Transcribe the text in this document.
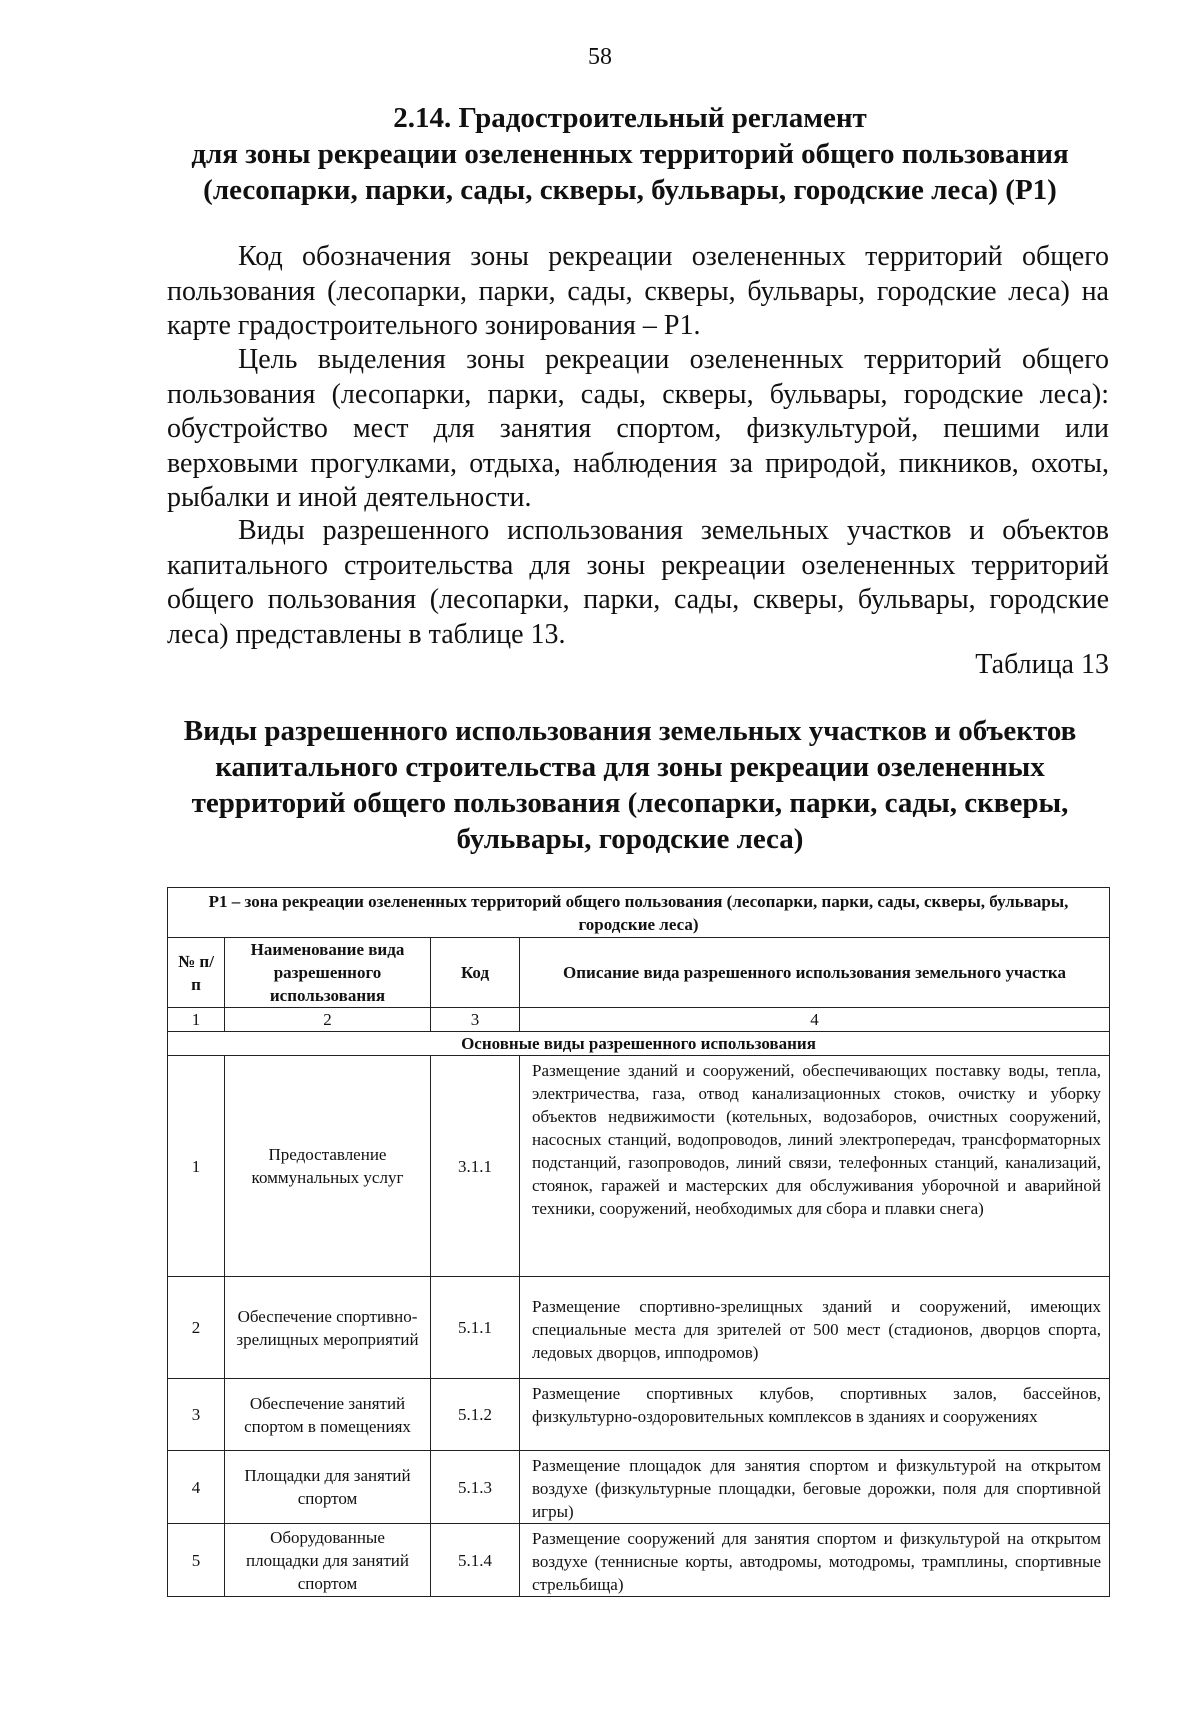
58
2.14. Градостроительный регламент
для зоны рекреации озелененных территорий общего пользования
(лесопарки, парки, сады, скверы, бульвары, городские леса) (Р1)

Код обозначения зоны рекреации озелененных территорий общего пользования (лесопарки, парки, сады, скверы, бульвары, городские леса) на карте градостроительного зонирования – Р1.

Цель выделения зоны рекреации озелененных территорий общего пользования (лесопарки, парки, сады, скверы, бульвары, городские леса): обустройство мест для занятия спортом, физкультурой, пешими или верховыми прогулками, отдыха, наблюдения за природой, пикников, охоты, рыбалки и иной деятельности.

Виды разрешенного использования земельных участков и объектов капитального строительства для зоны рекреации озелененных территорий общего пользования (лесопарки, парки, сады, скверы, бульвары, городские леса) представлены в таблице 13.

Таблица 13
Виды разрешенного использования земельных участков и объектов
капитального строительства для зоны рекреации озелененных
территорий общего пользования (лесопарки, парки, сады, скверы,
бульвары, городские леса)
Р1 – зона рекреации озелененных территорий общего пользования (лесопарки, парки, сады, скверы, бульвары, городские леса)			
№ п/п	Наименование вида разрешенного использования	Код	Описание вида разрешенного использования земельного участка
1	2	3	4
Основные виды разрешенного использования			
1	Предоставление коммунальных услуг	3.1.1	Размещение зданий и сооружений, обеспечивающих поставку воды, тепла, электричества, газа, отвод канализационных стоков, очистку и уборку объектов недвижимости (котельных, водозаборов, очистных сооружений, насосных станций, водопроводов, линий электропередач, трансформаторных подстанций, газопроводов, линий связи, телефонных станций, канализаций, стоянок, гаражей и мастерских для обслуживания уборочной и аварийной техники, сооружений, необходимых для сбора и плавки снега)
2	Обеспечение спортивно-зрелищных мероприятий	5.1.1	Размещение спортивно-зрелищных зданий и сооружений, имеющих специальные места для зрителей от 500 мест (стадионов, дворцов спорта, ледовых дворцов, ипподромов)
3	Обеспечение занятий спортом в помещениях	5.1.2	Размещение спортивных клубов, спортивных залов, бассейнов, физкультурно-оздоровительных комплексов в зданиях и сооружениях
4	Площадки для занятий спортом	5.1.3	Размещение площадок для занятия спортом и физкультурой на открытом воздухе (физкультурные площадки, беговые дорожки, поля для спортивной игры)
5	Оборудованные площадки для занятий спортом	5.1.4	Размещение сооружений для занятия спортом и физкультурой на открытом воздухе (теннисные корты, автодромы, мотодромы, трамплины, спортивные стрельбища)
